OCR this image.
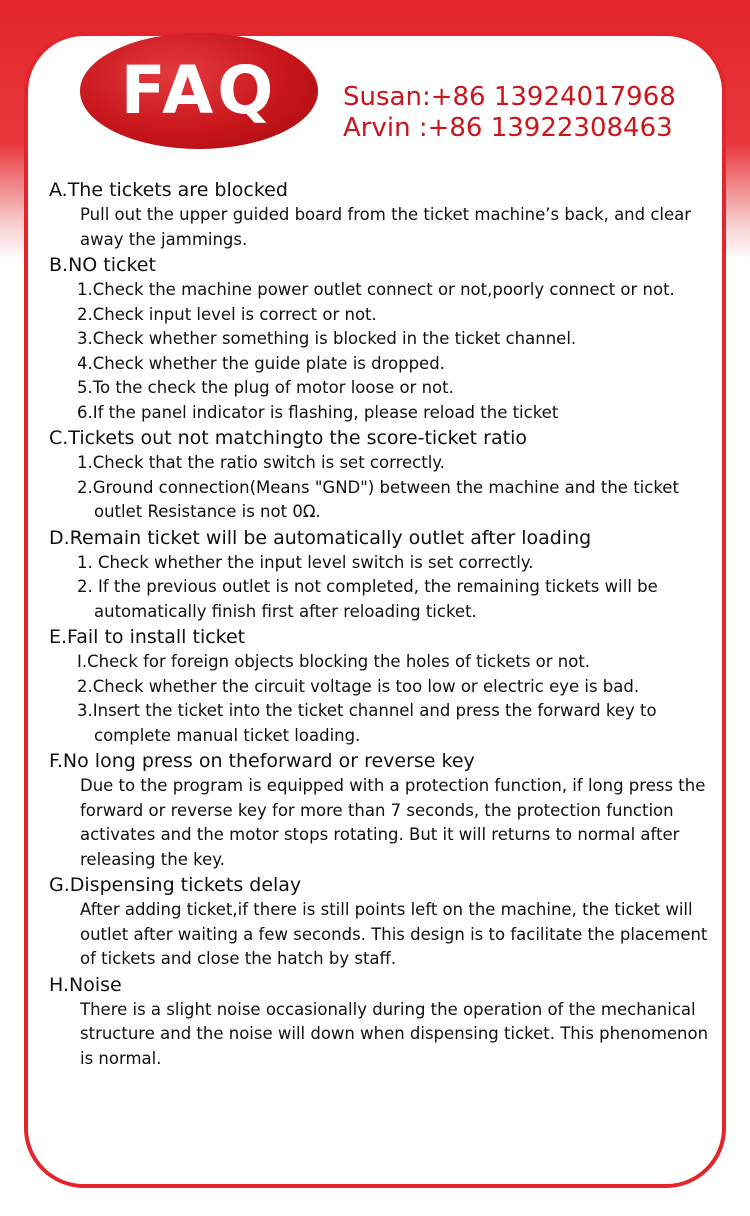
FAQ	Susan:+86 13924017968
Arvin :+86 13922308463
A.The tickets are blocked
Pull out the upper guided board from the ticket machine’s back, and clear away the jammings.
B.NO ticket
1.Check the machine power outlet connect or not,poorly connect or not.
2.Check input level is correct or not.
3.Check whether something is blocked in the ticket channel.
4.Check whether the guide plate is dropped.
5.To the check the plug of motor loose or not.
6.If the panel indicator is flashing, please reload the ticket
C.Tickets out not matchingto the score-ticket ratio
1.Check that the ratio switch is set correctly.
2.Ground connection(Means "GND") between the machine and the ticket outlet Resistance is not 0Ω.
D.Remain ticket will be automatically outlet after loading
1. Check whether the input level switch is set correctly.
2. If the previous outlet is not completed, the remaining tickets will be automatically finish first after reloading ticket.
E.Fail to install ticket
I.Check for foreign objects blocking the holes of tickets or not.
2.Check whether the circuit voltage is too low or electric eye is bad.
3.Insert the ticket into the ticket channel and press the forward key to complete manual ticket loading.
F.No long press on theforward or reverse key
Due to the program is equipped with a protection function, if long press the forward or reverse key for more than 7 seconds, the protection function activates and the motor stops rotating. But it will returns to normal after releasing the key.
G.Dispensing tickets delay
After adding ticket,if there is still points left on the machine, the ticket will outlet after waiting a few seconds. This design is to facilitate the placement of tickets and close the hatch by staff.
H.Noise
There is a slight noise occasionally during the operation of the mechanical structure and the noise will down when dispensing ticket. This phenomenon is normal.
